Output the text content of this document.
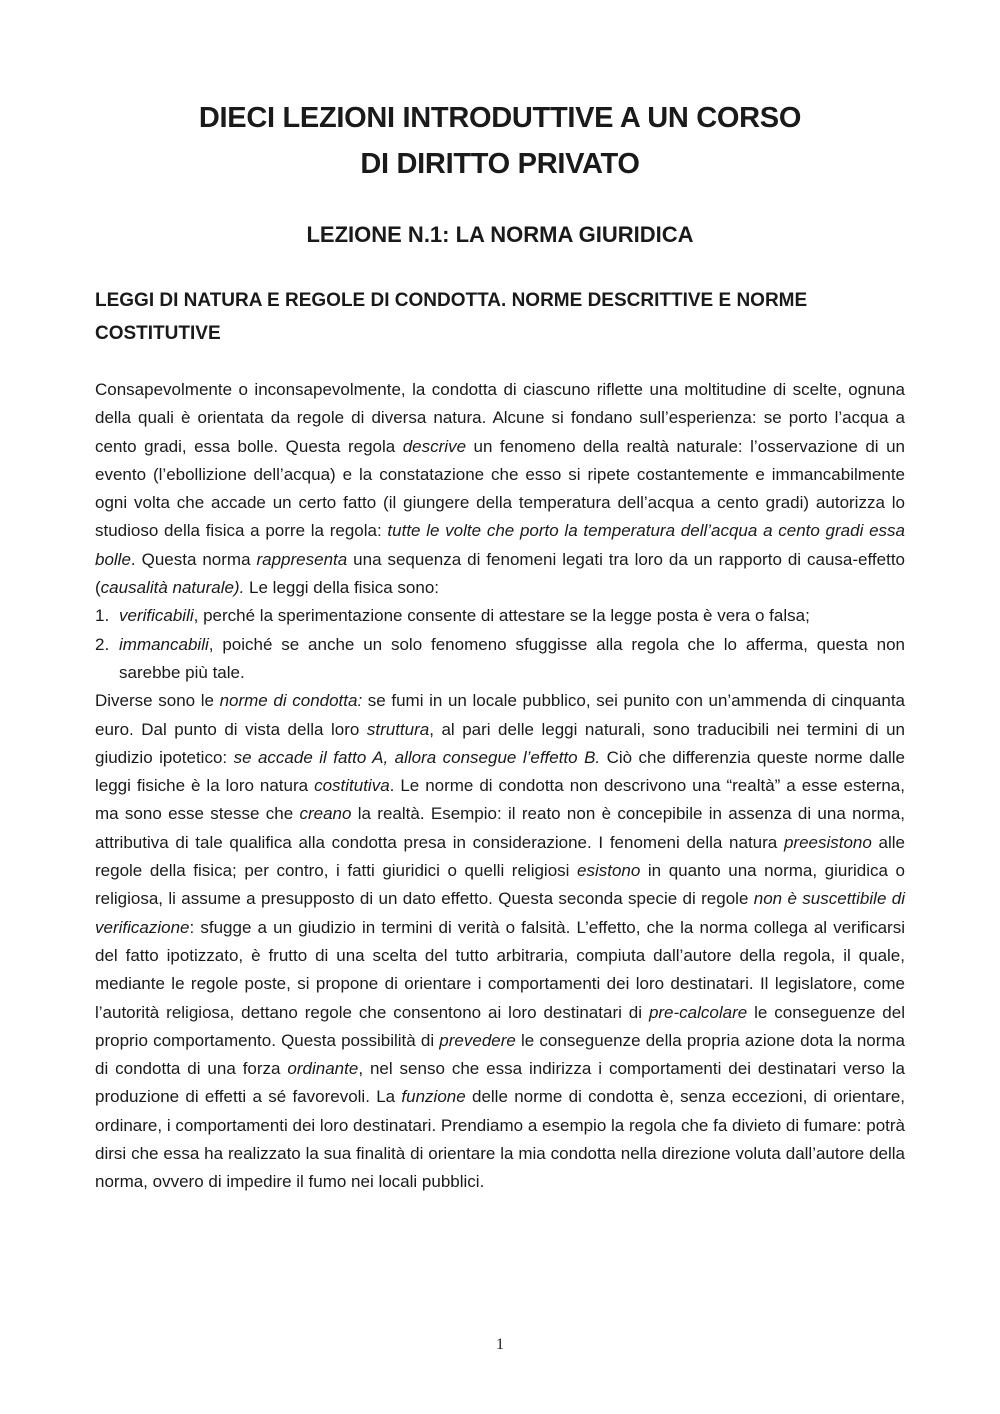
DIECI LEZIONI INTRODUTTIVE A UN CORSO
DI DIRITTO PRIVATO
LEZIONE N.1: LA NORMA GIURIDICA
LEGGI DI NATURA E REGOLE DI CONDOTTA. NORME DESCRITTIVE E NORME COSTITUTIVE

Consapevolmente o inconsapevolmente, la condotta di ciascuno riflette una moltitudine di scelte, ognuna della quali è orientata da regole di diversa natura. Alcune si fondano sull’esperienza: se porto l’acqua a cento gradi, essa bolle. Questa regola descrive un fenomeno della realtà naturale: l’osservazione di un evento (l’ebollizione dell’acqua) e la constatazione che esso si ripete costantemente e immancabilmente ogni volta che accade un certo fatto (il giungere della temperatura dell’acqua a cento gradi) autorizza lo studioso della fisica a porre la regola: tutte le volte che porto la temperatura dell’acqua a cento gradi essa bolle. Questa norma rappresenta una sequenza di fenomeni legati tra loro da un rapporto di causa-effetto (causalità naturale). Le leggi della fisica sono:

1. verificabili, perché la sperimentazione consente di attestare se la legge posta è vera o falsa;
2. immancabili, poiché se anche un solo fenomeno sfuggisse alla regola che lo afferma, questa non sarebbe più tale.

Diverse sono le norme di condotta: se fumi in un locale pubblico, sei punito con un’ammenda di cinquanta euro. Dal punto di vista della loro struttura, al pari delle leggi naturali, sono traducibili nei termini di un giudizio ipotetico: se accade il fatto A, allora consegue l’effetto B. Ciò che differenzia queste norme dalle leggi fisiche è la loro natura costitutiva. Le norme di condotta non descrivono una “realtà” a esse esterna, ma sono esse stesse che creano la realtà. Esempio: il reato non è concepibile in assenza di una norma, attributiva di tale qualifica alla condotta presa in considerazione. I fenomeni della natura preesistono alle regole della fisica; per contro, i fatti giuridici o quelli religiosi esistono in quanto una norma, giuridica o religiosa, li assume a presupposto di un dato effetto. Questa seconda specie di regole non è suscettibile di verificazione: sfugge a un giudizio in termini di verità o falsità. L’effetto, che la norma collega al verificarsi del fatto ipotizzato, è frutto di una scelta del tutto arbitraria, compiuta dall’autore della regola, il quale, mediante le regole poste, si propone di orientare i comportamenti dei loro destinatari. Il legislatore, come l’autorità religiosa, dettano regole che consentono ai loro destinatari di pre-calcolare le conseguenze del proprio comportamento. Questa possibilità di prevedere le conseguenze della propria azione dota la norma di condotta di una forza ordinante, nel senso che essa indirizza i comportamenti dei destinatari verso la produzione di effetti a sé favorevoli. La funzione delle norme di condotta è, senza eccezioni, di orientare, ordinare, i comportamenti dei loro destinatari. Prendiamo a esempio la regola che fa divieto di fumare: potrà dirsi che essa ha realizzato la sua finalità di orientare la mia condotta nella direzione voluta dall’autore della norma, ovvero di impedire il fumo nei locali pubblici.

1
